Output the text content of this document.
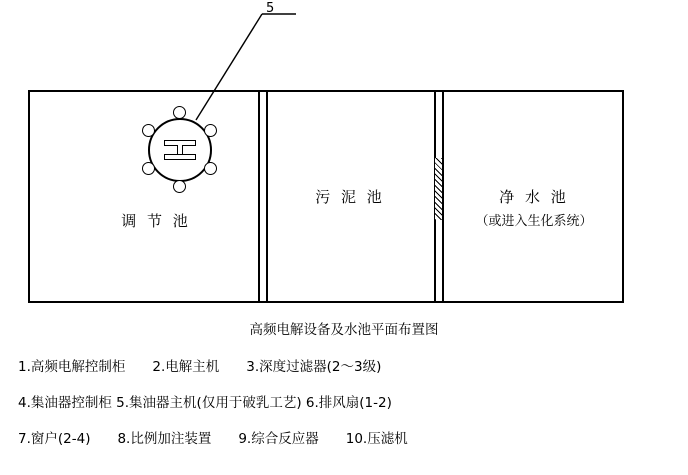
5
调 节 池
污 泥 池	净 水 池
（或进入生化系统）
高频电解设备及水池平面布置图
1.高频电解控制柜　　2.电解主机　　3.深度过滤器(2～3级)
4.集油器控制柜 5.集油器主机(仅用于破乳工艺) 6.排风扇(1-2)
7.窗户(2-4)　　8.比例加注装置　　9.综合反应器　　10.压滤机
